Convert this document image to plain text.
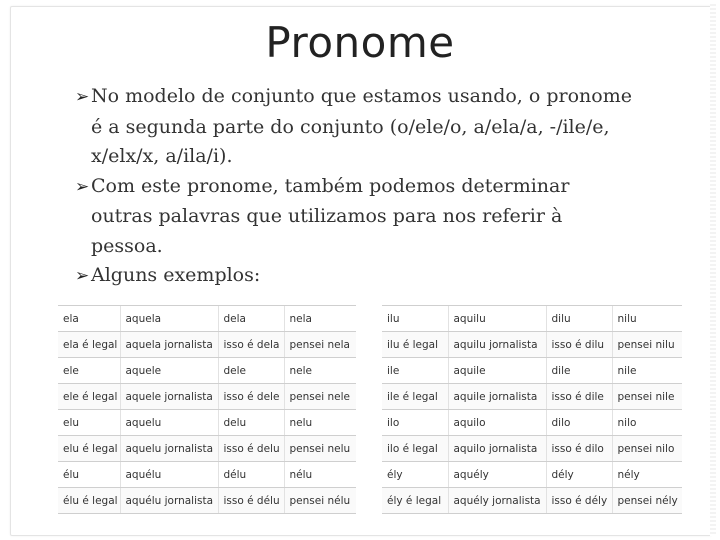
Pronome
➢No modelo de conjunto que estamos usando, o pronome é a segunda parte do conjunto (o/ele/o, a/ela/a, -/ile/e, x/elx/x, a/ila/i).
➢Com este pronome, também podemos determinar outras palavras que utilizamos para nos referir à pessoa.
➢Alguns exemplos:
ela	aquela	dela	nela
ela é legal	aquela jornalista	isso é dela	pensei nela
ele	aquele	dele	nele
ele é legal	aquele jornalista	isso é dele	pensei nele
elu	aquelu	delu	nelu
elu é legal	aquelu jornalista	isso é delu	pensei nelu
élu	aquélu	délu	nélu
élu é legal	aquélu jornalista	isso é délu	pensei nélu
ilu	aquilu	dilu	nilu
ilu é legal	aquilu jornalista	isso é dilu	pensei nilu
ile	aquile	dile	nile
ile é legal	aquile jornalista	isso é dile	pensei nile
ilo	aquilo	dilo	nilo
ilo é legal	aquilo jornalista	isso é dilo	pensei nilo
ély	aquély	dély	nély
ély é legal	aquély jornalista	isso é dély	pensei nély
